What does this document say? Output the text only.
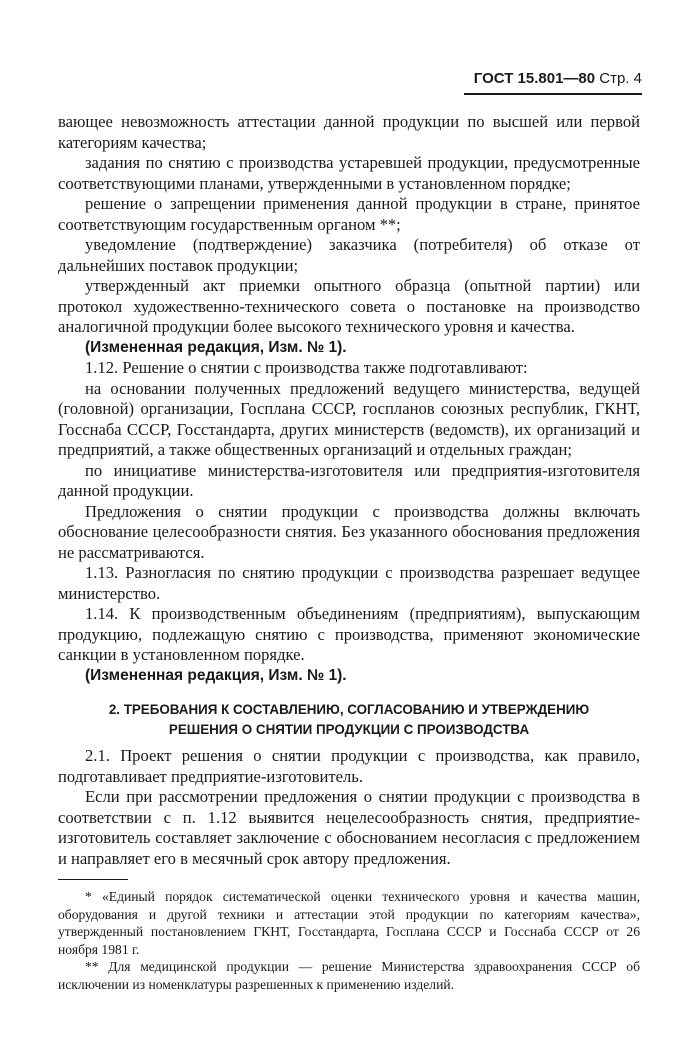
ГОСТ 15.801—80 Стр. 4

вающее невозможность аттестации данной продукции по высшей или первой категориям качества;

задания по снятию с производства устаревшей продукции, предусмотренные соответствующими планами, утвержденными в установленном порядке;

решение о запрещении применения данной продукции в стране, принятое соответствующим государственным органом **;

уведомление (подтверждение) заказчика (потребителя) об отказе от дальнейших поставок продукции;

утвержденный акт приемки опытного образца (опытной партии) или протокол художественно-технического совета о постановке на производство аналогичной продукции более высокого технического уровня и качества.

(Измененная редакция, Изм. № 1).

1.12. Решение о снятии с производства также подготавливают:

на основании полученных предложений ведущего министерства, ведущей (головной) организации, Госплана СССР, госпланов союзных республик, ГКНТ, Госснаба СССР, Госстандарта, других министерств (ведомств), их организаций и предприятий, а также общественных организаций и отдельных граждан;

по инициативе министерства-изготовителя или предприятия-изготовителя данной продукции.

Предложения о снятии продукции с производства должны включать обоснование целесообразности снятия. Без указанного обоснования предложения не рассматриваются.

1.13. Разногласия по снятию продукции с производства разрешает ведущее министерство.

1.14. К производственным объединениям (предприятиям), выпускающим продукцию, подлежащую снятию с производства, применяют экономические санкции в установленном порядке.

(Измененная редакция, Изм. № 1).

2. ТРЕБОВАНИЯ К СОСТАВЛЕНИЮ, СОГЛАСОВАНИЮ И УТВЕРЖДЕНИЮ
РЕШЕНИЯ О СНЯТИИ ПРОДУКЦИИ С ПРОИЗВОДСТВА

2.1. Проект решения о снятии продукции с производства, как правило, подготавливает предприятие-изготовитель.

Если при рассмотрении предложения о снятии продукции с производства в соответствии с п. 1.12 выявится нецелесообразность снятия, предприятие-изготовитель составляет заключение с обоснованием несогласия с предложением и направляет его в месячный срок автору предложения.

* «Единый порядок систематической оценки технического уровня и качества машин, оборудования и другой техники и аттестации этой продукции по категориям качества», утвержденный постановлением ГКНТ, Госстандарта, Госплана СССР и Госснаба СССР от 26 ноября 1981 г.

** Для медицинской продукции — решение Министерства здравоохранения СССР об исключении из номенклатуры разрешенных к применению изделий.
